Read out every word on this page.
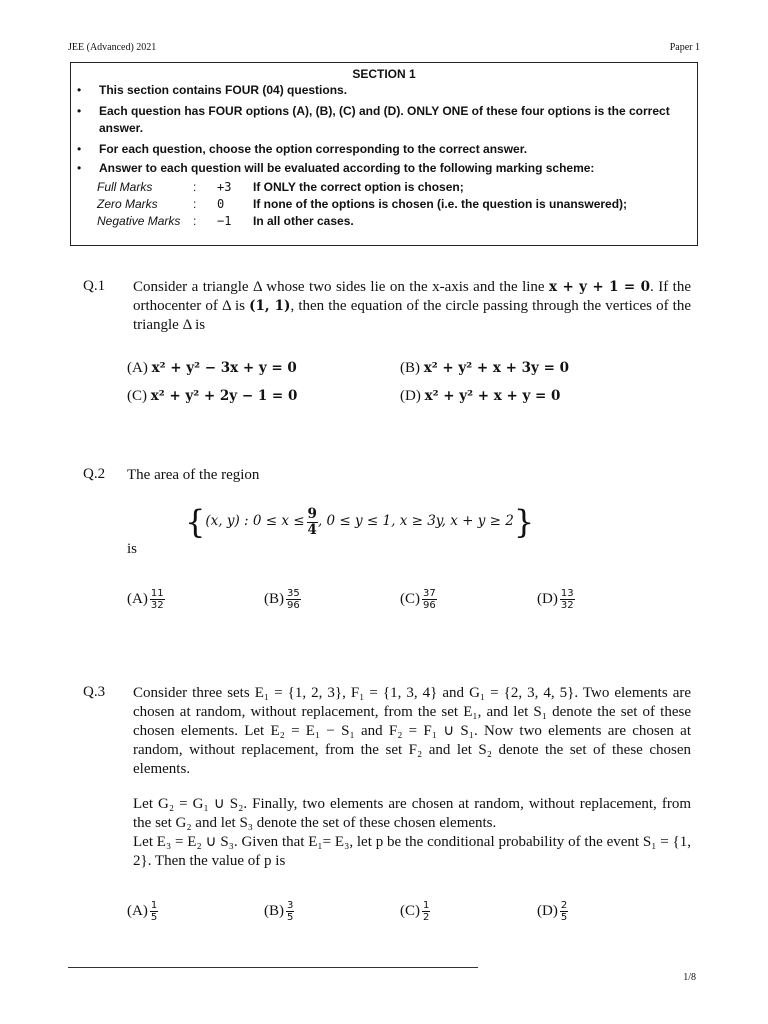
JEE (Advanced) 2021	Paper 1
SECTION 1
• This section contains FOUR (04) questions.
• Each question has FOUR options (A), (B), (C) and (D). ONLY ONE of these four options is the correct answer.
• For each question, choose the option corresponding to the correct answer.
• Answer to each question will be evaluated according to the following marking scheme:
Full Marks	: +3 If ONLY the correct option is chosen;
Zero Marks	: 0 If none of the options is chosen (i.e. the question is unanswered);
Negative Marks : −1 In all other cases.
Q.1 Consider a triangle Δ whose two sides lie on the x-axis and the line x + y + 1 = 0. If the orthocenter of Δ is (1, 1), then the equation of the circle passing through the vertices of the triangle Δ is
(A) x² + y² − 3x + y = 0	(B) x² + y² + x + 3y = 0
(C) x² + y² + 2y − 1 = 0	(D) x² + y² + x + y = 0
Q.2 The area of the region
{(x, y) : $0 \le x \le \frac{9}{4}$ , 0 ≤ y ≤ 1, x ≥ 3y, x + y ≥ 2}
is
$(A) \frac{11}{32}$	$(B) \frac{35}{96}$	$(C) \frac{37}{96}$	$(D) \frac{13}{32}$
Q.3 Consider three sets E₁ = {1, 2, 3}, F₁ = {1, 3, 4} and G₁ = {2, 3, 4, 5}. Two elements are chosen at random, without replacement, from the set E₁, and let S₁ denote the set of these chosen elements. Let E₂ = E₁ − S₁ and F₂ = F₁ ∪ S₁. Now two elements are chosen at random, without replacement, from the set F₂ and let S₂ denote the set of these chosen elements.
Let G₂ = G₁ ∪ S₂. Finally, two elements are chosen at random, without replacement, from the set G₂ and let S₃ denote the set of these chosen elements.
Let E₃ = E₂ ∪ S₃. Given that E₁= E₃, let p be the conditional probability of the event S₁ = {1, 2}. Then the value of p is
$(A) \frac{1}{5}$	$(B) \frac{3}{5}$	$(C) \frac{1}{2}$	$(D) \frac{2}{5}$
1/8
